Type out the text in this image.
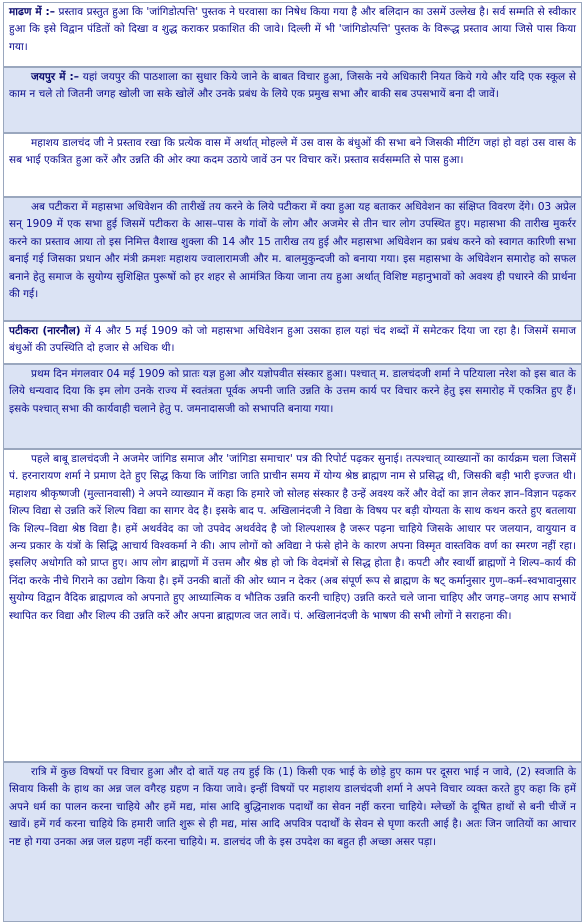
माढण में :– प्रस्ताव प्रस्तुत हुआ कि 'जांगिडोत्पत्ति' पुस्तक ने घरवासा का निषेध किया गया है और बलिदान का उसमें उल्लेख है। सर्व सम्मति से स्वीकार हुआ कि इसे विद्वान पंडितों को दिखा व शुद्ध कराकर प्रकाशित की जावे। दिल्ली में भी 'जांगिडोत्पत्ति' पुस्तक के विरूद्ध प्रस्ताव आया जिसे पास किया गया।
जयपुर में :– यहां जयपुर की पाठशाला का सुधार किये जाने के बाबत विचार हुआ, जिसके नये अधिकारी नियत किये गये और यदि एक स्कूल से काम न चले तो जितनी जगह खोली जा सके खोलें और उनके प्रबंध के लिये एक प्रमुख सभा और बाकी सब उपसभायें बना दी जावें।
महाशय डालचंद जी ने प्रस्ताव रखा कि प्रत्येक वास में अर्थात् मोहल्ले में उस वास के बंधुओं की सभा बने जिसकी मीटिंग जहां हो वहां उस वास के सब भाई एकत्रित हुआ करें और उन्नति की ओर क्या कदम उठाये जावें उन पर विचार करें। प्रस्ताव सर्वसम्मति से पास हुआ।
अब पटीकरा में महासभा अधिवेशन की तारीखें तय करने के लिये पटीकरा में क्या हुआ यह बताकर अधिवेशन का संक्षिप्त विवरण देंगे। 03 अप्रेल सन् 1909 में एक सभा हुई जिसमें पटीकरा के आस–पास के गांवों के लोग और अजमेर से तीन चार लोग उपस्थित हुए। महासभा की तारीख मुकर्रर करने का प्रस्ताव आया तो इस निमित्त वैशाख शुक्ला की 14 और 15 तारीख तय हुई और महासभा अधिवेशन का प्रबंध करने को स्वागत कारिणी सभा बनाई गई जिसका प्रधान और मंत्री क्रमशः महाशय ज्वालारामजी और म. बालमुकुन्दजी को बनाया गया। इस महासभा के अधिवेशन समारोह को सफल बनाने हेतु समाज के सुयोग्य सुशिक्षित पुरूषों को हर शहर से आमंत्रित किया जाना तय हुआ अर्थात् विशिष्ट महानुभावों को अवश्य ही पधारने की प्रार्थना की गई।
पटीकरा (नारनौल) में 4 और 5 मई 1909 को जो महासभा अधिवेशन हुआ उसका हाल यहां चंद शब्दों में समेटकर दिया जा रहा है। जिसमें समाज बंधुओं की उपस्थिति दो हजार से अधिक थी।
प्रथम दिन मंगलवार 04 मई 1909 को प्रातः यज्ञ हुआ और यज्ञोपवीत संस्कार हुआ। पश्चात् म. डालचंदजी शर्मा ने पटियाला नरेश को इस बात के लिये धन्यवाद दिया कि इम लोग उनके राज्य में स्वतंत्रता पूर्वक अपनी जाति उन्नति के उत्तम कार्य पर विचार करने हेतु इस समारोह में एकत्रित हुए हैं। इसके पश्चात् सभा की कार्यवाही चलाने हेतु प. जमनादासजी को सभापति बनाया गया।
पहले बाबू डालचंदजी ने अजमेर जांगिड समाज और 'जांगिडा समाचार' पत्र की रिपोर्ट पढ़कर सुनाई। तत्पश्चात् व्याख्यानों का कार्यक्रम चला जिसमें पं. हरनारायण शर्मा ने प्रमाण देते हुए सिद्ध किया कि जांगिडा जाति प्राचीन समय में योग्य श्रेष्ठ ब्राह्मण नाम से प्रसिद्ध थी, जिसकी बड़ी भारी इज्जत थी। महाशय श्रीकृष्णजी (मुल्तानवासी) ने अपने व्याख्यान में कहा कि हमारे जो सोलह संस्कार है उन्हें अवश्य करें और वेदों का ज्ञान लेकर ज्ञान–विज्ञान पढ़कर शिल्प विद्या से उन्नति करें शिल्प विद्या का सागर वेद है। इसके बाद प. अखिलानंदजी ने विद्या के विषय पर बड़ी योग्यता के साथ कथन करते हुए बतलाया कि शिल्प–विद्या श्रेष्ठ विद्या है। हमें अथर्ववेद का जो उपवेद अथर्ववेद है जो शिल्पशास्त्र है जरूर पढ़ना चाहिये जिसके आधार पर जलयान, वायुयान व अन्य प्रकार के यंत्रों के सिद्धि आचार्य विश्वकर्मा ने की। आप लोगों को अविद्या ने फंसे होने के कारण अपना विस्मृत वास्तविक वर्ण का स्मरण नहीं रहा। इसलिए अधोगति को प्राप्त हुए। आप लोग ब्राह्मणों में उत्तम और श्रेष्ठ हो जो कि वेदमंत्रों से सिद्ध होता है। कपटी और स्वार्थी ब्राह्मणों ने शिल्प–कार्य की निंदा करके नीचे गिराने का उद्योग किया है। इमें उनकी बातों की ओर ध्यान न देकर (अब संपूर्ण रूप से ब्राह्मण के षट् कर्मानुसार गुण–कर्म–स्वभावानुसार सुयोग्य विद्वान वैदिक ब्राह्मणत्व को अपनाते हुए आध्यात्मिक व भौतिक उन्नति करनी चाहिए) उन्नति करते चले जाना चाहिए और जगह–जगह आप सभायें स्थापित कर विद्या और शिल्प की उन्नति करें और अपना ब्राह्मणत्व जत लावें। पं. अखिलानंदजी के भाषण की सभी लोगों ने सराहना की।
रात्रि में कुछ विषयों पर विचार हुआ और दो बातें यह तय हुई कि (1) किसी एक भाई के छोड़े हुए काम पर दूसरा भाई न जावे, (2) स्वजाति के सिवाय किसी के हाथ का अन्न जल वगैरह ग्रहण न किया जावे। इन्हीं विषयों पर महाशय डालचंदजी शर्मा ने अपने विचार व्यक्त करते हुए कहा कि हमें अपने धर्म का पालन करना चाहिये और हमें मद्य, मांस आदि बुद्धिनाशक पदार्थों का सेवन नहीं करना चाहिये। म्लेच्छों के दूषित हाथों से बनी चीजें न खावें। हमें गर्व करना चाहिये कि हमारी जाति शुरू से ही मद्य, मांस आदि अपवित्र पदार्थों के सेवन से घृणा करती आई है। अतः जिन जातियों का आचार नष्ट हो गया उनका अन्न जल ग्रहण नहीं करना चाहिये। म. डालचंद जी के इस उपदेश का बहुत ही अच्छा असर पड़ा।
